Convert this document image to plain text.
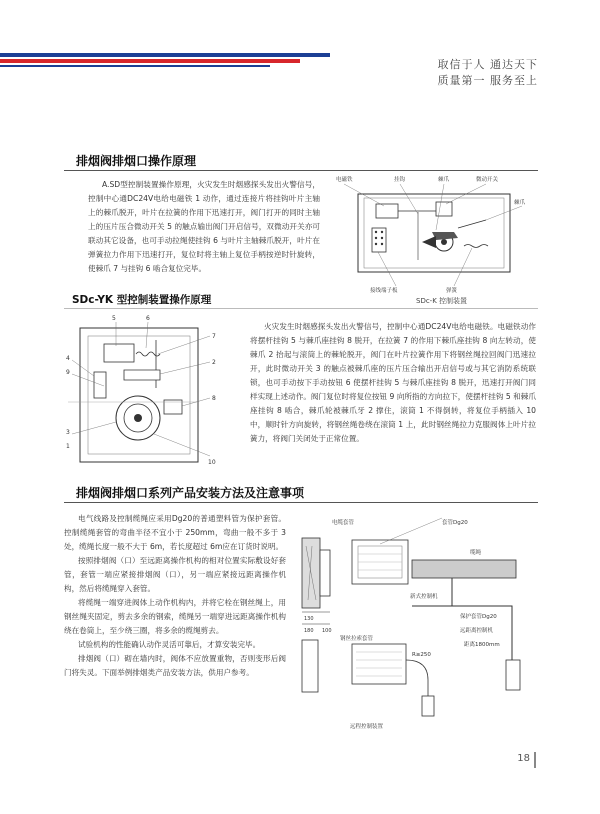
取信于人 通达天下
质量第一 服务至上
排烟阀排烟口操作原理

A.SD型控制装置操作原理，火灾发生时烟感探头发出火警信号，控制中心通DC24V电给电磁铁 1 动作，通过连接片将挂钩叶片主轴上的棘爪脱开，叶片在拉簧的作用下迅速打开，阀门打开的同时主轴上的压片压合微动开关 5 的触点输出阀门开启信号，双微动开关亦可联动其它设备，也可手动拉绳使挂钩 6 与叶片主轴棘爪脱开，叶片在弹簧拉力作用下迅速打开，复位时将主轴上复位手柄按逆时针旋转，使棘爪 7 与挂钩 6 啮合复位完毕。

电磁铁	挂钩	棘爪	微动开关
棘爪
接线端子板	弹簧
SDc-K 控制装置
SDc-YK 型控制装置操作原理
5	6
7
2
8
4
9
3
1
10

火灾发生时烟感探头发出火警信号，控制中心通DC24V电给电磁铁。电磁铁动作将摆杆挂钩 5 与棘爪座挂钩 8 脱开，在拉簧 7 的作用下棘爪座挂钩 8 向左转动，使棘爪 2 抬起与滚筒上的棘轮脱开，阀门在叶片拉簧作用下将钢丝绳拉回阀门迅速拉开，此时微动开关 3 的触点被棘爪座的压片压合输出开启信号或与其它消防系统联锁，也可手动按下手动按钮 6 使摆杆挂钩 5 与棘爪座挂钩 8 脱开，迅速打开阀门同样实现上述动作。阀门复位时将复位按钮 9 向所指的方向拉下，使摆杆挂钩 5 和棘爪座挂钩 8 啮合，棘爪轮被棘爪牙 2 撑住，滚筒 1 不得倒转，将复位手柄插入 10 中，顺时针方向旋转，将钢丝绳卷绕在滚筒 1 上，此时钢丝绳拉力克服阀体上叶片拉簧力，将阀门关闭处于正常位置。

排烟阀排烟口系列产品安装方法及注意事项

电气线路及控制缆绳应采用Dg20的普通塑料管为保护套管。控制缆绳套管的弯曲半径不宜小于 250mm，弯曲一般不多于 3 处，缆绳长度一般不大于 6m，若长度超过 6m应在订货时说明。

按照排烟阀（口）至远距离操作机构的相对位置实际敷设好套管，套管一端应紧接排烟阀（口），另一端应紧接远距离操作机构，然后将缆绳穿入套管。

将缆绳一端穿进阀体上动作机构内，并将它栓在钢丝绳上，用钢丝绳夹固定，剪去多余的钢索，缆绳另一端穿进远距离操作机构绕在卷筒上，至少绕三圈，将多余的缆绳剪去。

试验机构的性能确认动作灵活可靠后，才算安装完毕。

排烟阀（口）砌在墙内时，阀体不应放置重物，否则变形后阀门将失灵。下面举例排烟类产品安装方法，供用户参考。

电缆套管	套管Dg20
缆绳
新式控制机
保护套管Dg20
远距离控制机
距离1800mm
钢丝拉索套管
R≥250
远程控制装置
130
180 100
18
